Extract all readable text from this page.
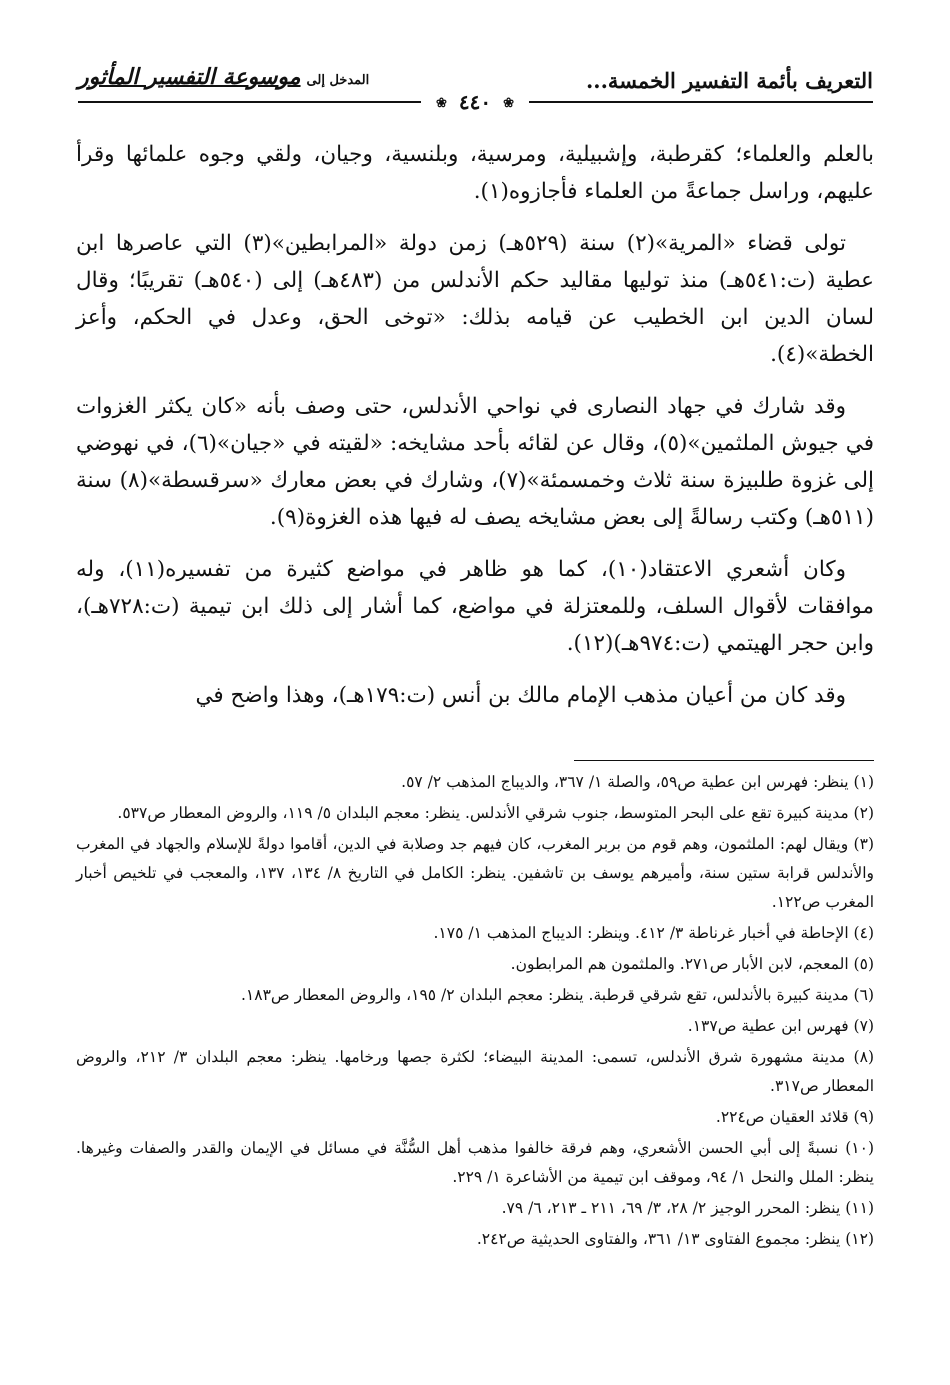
التعريف بأئمة التفسير الخمسة...
المدخل إلى
موسوعة التفسير المأثور
❀ ٤٤٠ ❀

بالعلم والعلماء؛ كقرطبة، وإشبيلية، ومرسية، وبلنسية، وجيان، ولقي وجوه علمائها وقرأ عليهم، وراسل جماعةً من العلماء فأجازوه(١).

تولى قضاء «المرية»(٢) سنة (٥٢٩هـ) زمن دولة «المرابطين»(٣) التي عاصرها ابن عطية (ت:٥٤١هـ) منذ توليها مقاليد حكم الأندلس من (٤٨٣هـ) إلى (٥٤٠هـ) تقريبًا؛ وقال لسان الدين ابن الخطيب عن قيامه بذلك: «توخى الحق، وعدل في الحكم، وأعز الخطة»(٤).

وقد شارك في جهاد النصارى في نواحي الأندلس، حتى وصف بأنه «كان يكثر الغزوات في جيوش الملثمين»(٥)، وقال عن لقائه بأحد مشايخه: «لقيته في «جيان»(٦)، في نهوضي إلى غزوة طلبيزة سنة ثلاث وخمسمئة»(٧)، وشارك في بعض معارك «سرقسطة»(٨) سنة (٥١١هـ) وكتب رسالةً إلى بعض مشايخه يصف له فيها هذه الغزوة(٩).

وكان أشعري الاعتقاد(١٠)، كما هو ظاهر في مواضع كثيرة من تفسيره(١١)، وله موافقات لأقوال السلف، وللمعتزلة في مواضع، كما أشار إلى ذلك ابن تيمية (ت:٧٢٨هـ)، وابن حجر الهيتمي (ت:٩٧٤هـ)(١٢).

وقد كان من أعيان مذهب الإمام مالك بن أنس (ت:١٧٩هـ)، وهذا واضح في

(١) ينظر: فهرس ابن عطية ص٥٩، والصلة ١/ ٣٦٧، والديباج المذهب ٢/ ٥٧.

(٢) مدينة كبيرة تقع على البحر المتوسط، جنوب شرقي الأندلس. ينظر: معجم البلدان ٥/ ١١٩، والروض المعطار ص٥٣٧.

(٣) ويقال لهم: الملثمون، وهم قوم من بربر المغرب، كان فيهم جد وصلابة في الدين، أقاموا دولةً للإسلام والجهاد في المغرب والأندلس قرابة ستين سنة، وأميرهم يوسف بن تاشفين. ينظر: الكامل في التاريخ ٨/ ١٣٤، ١٣٧، والمعجب في تلخيص أخبار المغرب ص١٢٢.

(٤) الإحاطة في أخبار غرناطة ٣/ ٤١٢. وينظر: الديباج المذهب ١/ ١٧٥.

(٥) المعجم، لابن الأبار ص٢٧١. والملثمون هم المرابطون.

(٦) مدينة كبيرة بالأندلس، تقع شرقي قرطبة. ينظر: معجم البلدان ٢/ ١٩٥، والروض المعطار ص١٨٣.

(٧) فهرس ابن عطية ص١٣٧.

(٨) مدينة مشهورة شرق الأندلس، تسمى: المدينة البيضاء؛ لكثرة جصها ورخامها. ينظر: معجم البلدان ٣/ ٢١٢، والروض المعطار ص٣١٧.

(٩) قلائد العقيان ص٢٢٤.

(١٠) نسبةً إلى أبي الحسن الأشعري، وهم فرقة خالفوا مذهب أهل السُّنَّة في مسائل في الإيمان والقدر والصفات وغيرها. ينظر: الملل والنحل ١/ ٩٤، وموقف ابن تيمية من الأشاعرة ١/ ٢٢٩.

(١١) ينظر: المحرر الوجيز ٢/ ٢٨، ٣/ ٦٩، ٢١١ ـ ٢١٣، ٦/ ٧٩.

(١٢) ينظر: مجموع الفتاوى ١٣/ ٣٦١، والفتاوى الحديثية ص٢٤٢.
